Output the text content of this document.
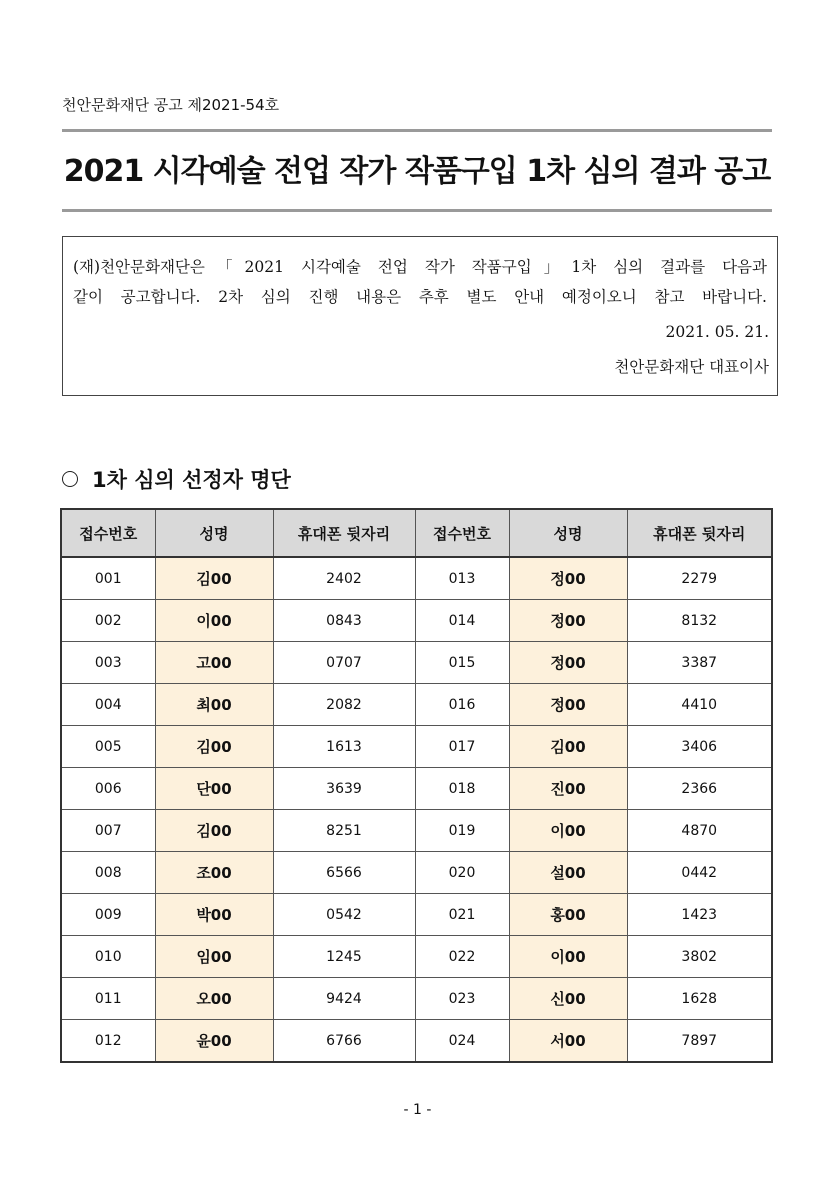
천안문화재단 공고 제2021-54호
2021 시각예술 전업 작가 작품구입 1차 심의 결과 공고
(재)천안문화재단은「2021 시각예술 전업 작가 작품구입」1차 심의 결과를 다음과
같이 공고합니다. 2차 심의 진행 내용은 추후 별도 안내 예정이오니 참고 바랍니다.
2021. 05. 21.
천안문화재단 대표이사
1차 심의 선정자 명단
접수번호	성명	휴대폰 뒷자리	접수번호	성명	휴대폰 뒷자리
001	김00	2402	013	정00	2279
002	이00	0843	014	정00	8132
003	고00	0707	015	정00	3387
004	최00	2082	016	정00	4410
005	김00	1613	017	김00	3406
006	단00	3639	018	진00	2366
007	김00	8251	019	이00	4870
008	조00	6566	020	설00	0442
009	박00	0542	021	홍00	1423
010	임00	1245	022	이00	3802
011	오00	9424	023	신00	1628
012	윤00	6766	024	서00	7897
- 1 -
